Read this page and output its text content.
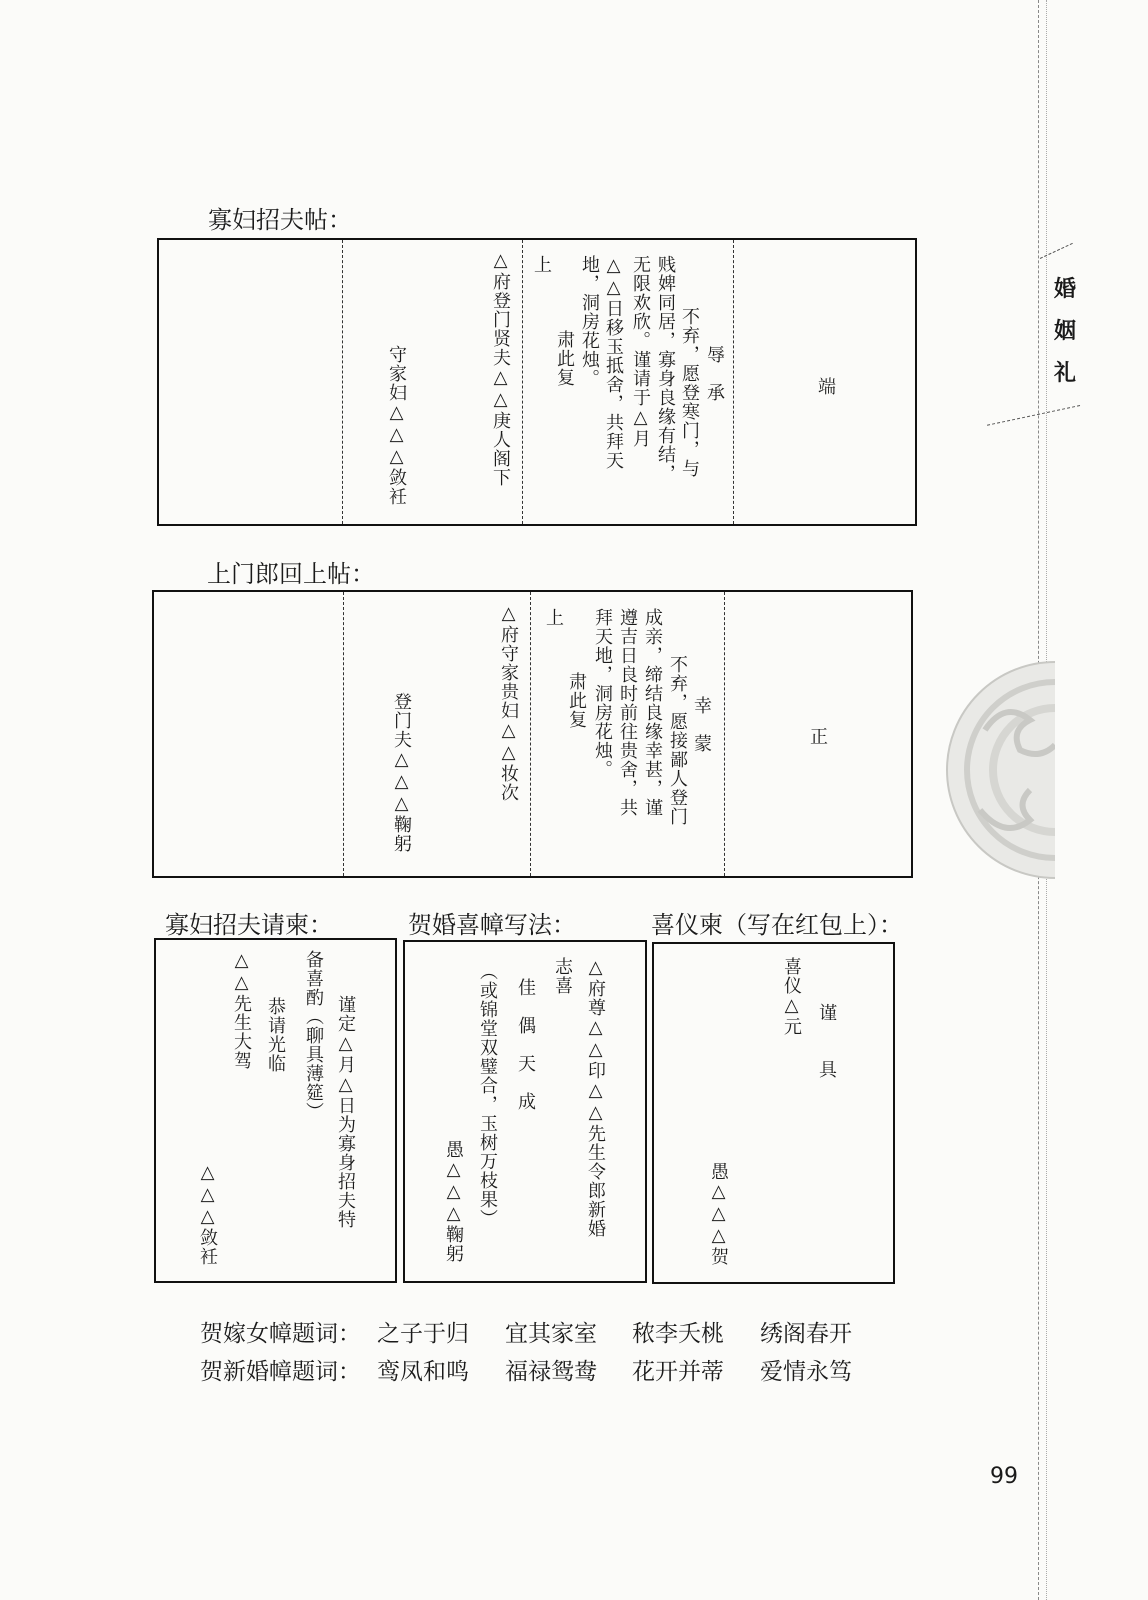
婚
姻
礼
寡妇招夫帖：
守家妇△△△敛衽	△府登门贤夫△△庚人阁下 上
肃此复 地，洞房花烛。 △△日移玉抵舍，共拜天 无限欢欣。谨请于△月 贱婢同居，寡身良缘有结， 不弃，愿登寒门，与 辱　承	端
上门郎回上帖：
登门夫△△△鞠躬	△府守家贵妇△△妆次 上
肃此复 拜天地，洞房花烛。 遵吉日良时前往贵舍，共 成亲，缔结良缘幸甚，谨 不弃，愿接鄙人登门 幸　蒙	正
寡妇招夫请柬：	贺婚喜幛写法：	喜仪柬（写在红包上）：
谨定△月△日为寡身招夫特
备喜酌（聊具薄筵）
恭请光临
△△先生大驾
△△△敛衽	△府尊△△印△△先生令郎新婚
志喜
佳　偶　天　成
（或锦堂双璧合，玉树万枝果）
愚△△△鞠躬
喜仪△元
谨　　具
愚△△△贺
贺嫁女幛题词： 之子于归 宜其家室 秾李夭桃 绣阁春开
贺新婚幛题词： 鸾凤和鸣 福禄鸳鸯 花开并蒂 爱情永笃
99
